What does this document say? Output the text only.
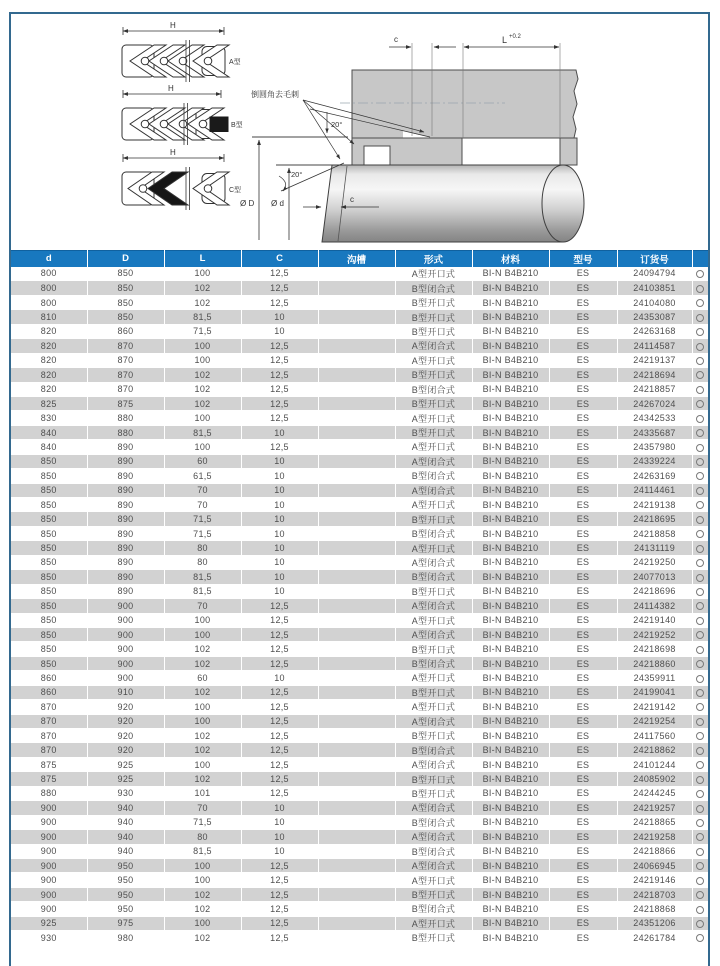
H
A型
H
B型
H
C型
c	L +0.2
倒圆角去毛刺
20°
20°
Ø D Ø d	c
d	D	L	C	沟槽	形式	材料	型号	订货号	
800	850	100	12,5		A型开口式	BI-N B4B210	ES	24094794	
800	850	102	12,5		B型闭合式	BI-N B4B210	ES	24103851	
800	850	102	12,5		B型开口式	BI-N B4B210	ES	24104080	
810	850	81,5	10		B型开口式	BI-N B4B210	ES	24353087	
820	860	71,5	10		B型开口式	BI-N B4B210	ES	24263168	
820	870	100	12,5		A型闭合式	BI-N B4B210	ES	24114587	
820	870	100	12,5		A型开口式	BI-N B4B210	ES	24219137	
820	870	102	12,5		B型开口式	BI-N B4B210	ES	24218694	
820	870	102	12,5		B型闭合式	BI-N B4B210	ES	24218857	
825	875	102	12,5		B型开口式	BI-N B4B210	ES	24267024	
830	880	100	12,5		A型开口式	BI-N B4B210	ES	24342533	
840	880	81,5	10		B型开口式	BI-N B4B210	ES	24335687	
840	890	100	12,5		A型开口式	BI-N B4B210	ES	24357980	
850	890	60	10		A型闭合式	BI-N B4B210	ES	24339224	
850	890	61,5	10		B型闭合式	BI-N B4B210	ES	24263169	
850	890	70	10		A型闭合式	BI-N B4B210	ES	24114461	
850	890	70	10		A型开口式	BI-N B4B210	ES	24219138	
850	890	71,5	10		B型开口式	BI-N B4B210	ES	24218695	
850	890	71,5	10		B型闭合式	BI-N B4B210	ES	24218858	
850	890	80	10		A型开口式	BI-N B4B210	ES	24131119	
850	890	80	10		A型闭合式	BI-N B4B210	ES	24219250	
850	890	81,5	10		B型闭合式	BI-N B4B210	ES	24077013	
850	890	81,5	10		B型开口式	BI-N B4B210	ES	24218696	
850	900	70	12,5		A型闭合式	BI-N B4B210	ES	24114382	
850	900	100	12,5		A型开口式	BI-N B4B210	ES	24219140	
850	900	100	12,5		A型闭合式	BI-N B4B210	ES	24219252	
850	900	102	12,5		B型开口式	BI-N B4B210	ES	24218698	
850	900	102	12,5		B型闭合式	BI-N B4B210	ES	24218860	
860	900	60	10		A型开口式	BI-N B4B210	ES	24359911	
860	910	102	12,5		B型开口式	BI-N B4B210	ES	24199041	
870	920	100	12,5		A型开口式	BI-N B4B210	ES	24219142	
870	920	100	12,5		A型闭合式	BI-N B4B210	ES	24219254	
870	920	102	12,5		B型开口式	BI-N B4B210	ES	24117560	
870	920	102	12,5		B型闭合式	BI-N B4B210	ES	24218862	
875	925	100	12,5		A型闭合式	BI-N B4B210	ES	24101244	
875	925	102	12,5		B型开口式	BI-N B4B210	ES	24085902	
880	930	101	12,5		B型开口式	BI-N B4B210	ES	24244245	
900	940	70	10		A型闭合式	BI-N B4B210	ES	24219257	
900	940	71,5	10		B型闭合式	BI-N B4B210	ES	24218865	
900	940	80	10		A型闭合式	BI-N B4B210	ES	24219258	
900	940	81,5	10		B型闭合式	BI-N B4B210	ES	24218866	
900	950	100	12,5		A型闭合式	BI-N B4B210	ES	24066945	
900	950	100	12,5		A型开口式	BI-N B4B210	ES	24219146	
900	950	102	12,5		B型开口式	BI-N B4B210	ES	24218703	
900	950	102	12,5		B型闭合式	BI-N B4B210	ES	24218868	
925	975	100	12,5		A型开口式	BI-N B4B210	ES	24351206	
930	980	102	12,5		B型开口式	BI-N B4B210	ES	24261784	
